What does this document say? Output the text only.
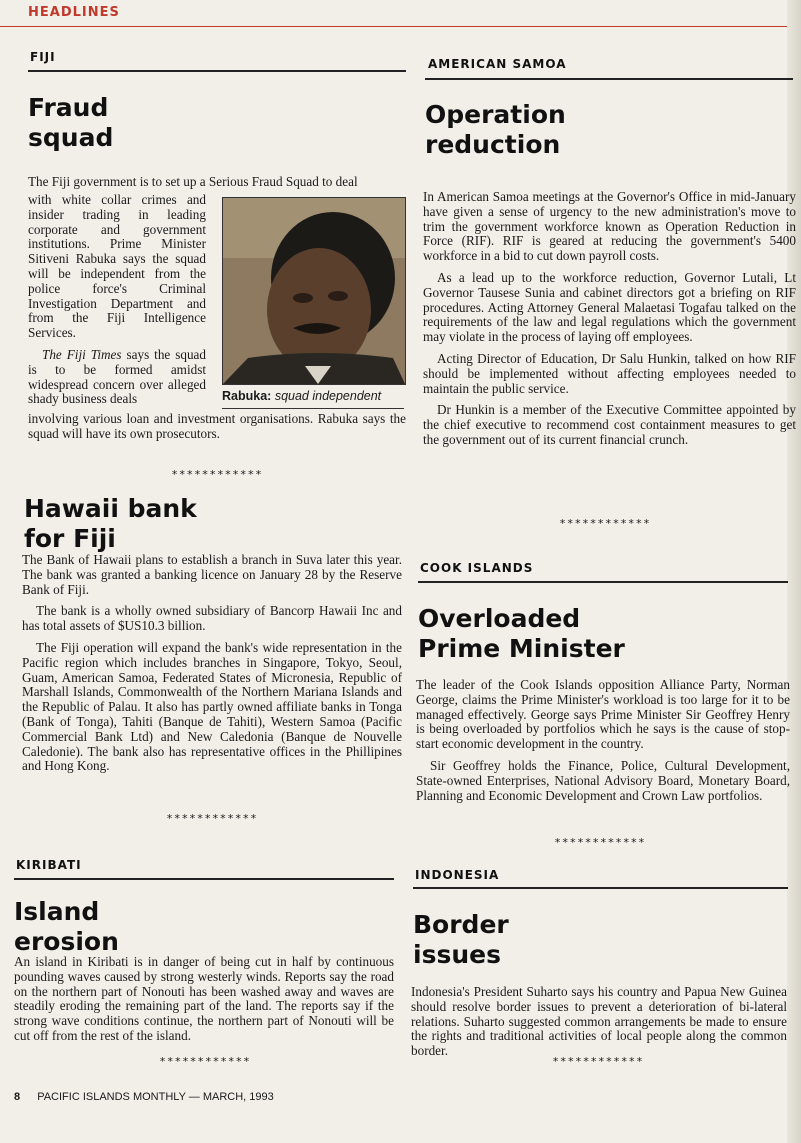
HEADLINES
FIJI
Fraud
squad
The Fiji government is to set up a Serious Fraud Squad to deal

with white collar crimes and insider trading in leading corporate and government institutions. Prime Minister Sitiveni Rabuka says the squad will be independent from the police force's Criminal Investigation Department and from the Fiji Intelligence Services.

The Fiji Times says the squad is to be formed amidst widespread concern over alleged shady business deals	Rabuka: squad independent
involving various loan and investment organisations. Rabuka says the squad will have its own prosecutors.
************
Hawaii bank
for Fiji

The Bank of Hawaii plans to establish a branch in Suva later this year. The bank was granted a banking licence on January 28 by the Reserve Bank of Fiji.

The bank is a wholly owned subsidiary of Bancorp Hawaii Inc and has total assets of $US10.3 billion.

The Fiji operation will expand the bank's wide representation in the Pacific region which includes branches in Singapore, Tokyo, Seoul, Guam, American Samoa, Federated States of Micronesia, Republic of Marshall Islands, Commonwealth of the Northern Mariana Islands and the Republic of Palau. It also has partly owned affiliate banks in Tonga (Bank of Tonga), Tahiti (Banque de Tahiti), Western Samoa (Pacific Commercial Bank Ltd) and New Caledonia (Banque de Nouvelle Caledonie). The bank also has representative offices in the Phillipines and Hong Kong.

************
KIRIBATI
Island
erosion
An island in Kiribati is in danger of being cut in half by continuous pounding waves caused by strong westerly winds. Reports say the road on the northern part of Nonouti has been washed away and waves are steadily eroding the remaining part of the land. The reports say if the strong wave conditions continue, the northern part of Nonouti will be cut off from the rest of the island.
************
AMERICAN SAMOA
Operation
reduction

In American Samoa meetings at the Governor's Office in mid-January have given a sense of urgency to the new administration's move to trim the government workforce known as Operation Reduction in Force (RIF). RIF is geared at reducing the government's 5400 workforce in a bid to cut down payroll costs.

As a lead up to the workforce reduction, Governor Lutali, Lt Governor Tausese Sunia and cabinet directors got a briefing on RIF procedures. Acting Attorney General Malaetasi Togafau talked on the requirements of the law and legal regulations which the government may violate in the process of laying off employees.

Acting Director of Education, Dr Salu Hunkin, talked on how RIF should be implemented without affecting employees needed to maintain the public service.

Dr Hunkin is a member of the Executive Committee appointed by the chief executive to recommend cost containment measures to get the government out of its current financial crunch.

************
COOK ISLANDS
Overloaded
Prime Minister

The leader of the Cook Islands opposition Alliance Party, Norman George, claims the Prime Minister's workload is too large for it to be managed effectively. George says Prime Minister Sir Geoffrey Henry is being overloaded by portfolios which he says is the cause of stop-start economic development in the country.

Sir Geoffrey holds the Finance, Police, Cultural Development, State-owned Enterprises, National Advisory Board, Monetary Board, Planning and Economic Development and Crown Law portfolios.

************
INDONESIA
Border
issues
Indonesia's President Suharto says his country and Papua New Guinea should resolve border issues to prevent a deterioration of bi-lateral relations. Suharto suggested common arrangements be made to ensure the rights and traditional activities of local people along the common border.
************
8 PACIFIC ISLANDS MONTHLY — MARCH, 1993
